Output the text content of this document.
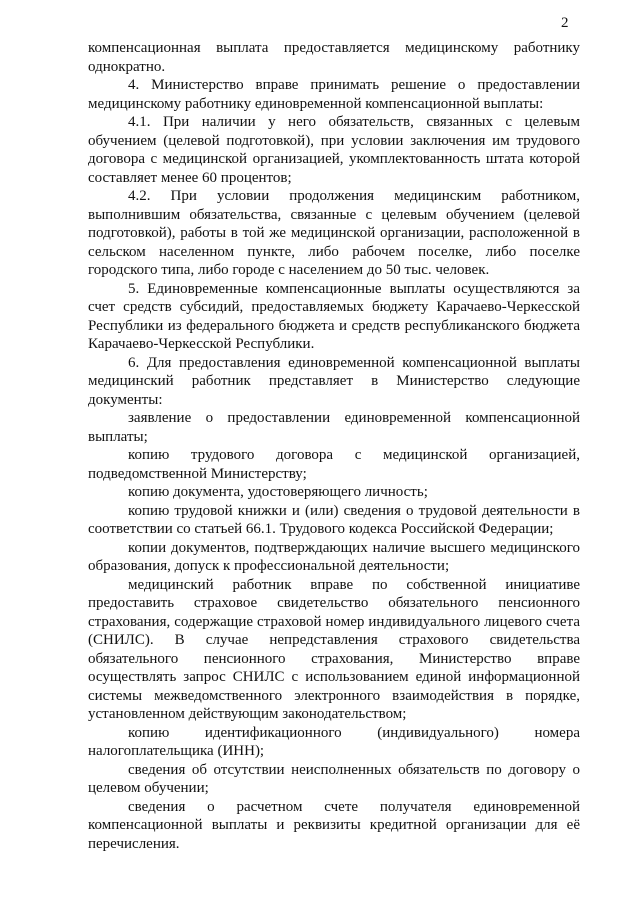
2

компенсационная выплата предоставляется медицинскому работнику однократно.

4. Министерство вправе принимать решение о предоставлении медицинскому работнику единовременной компенсационной выплаты:

4.1. При наличии у него обязательств, связанных с целевым обучением (целевой подготовкой), при условии заключения им трудового договора с медицинской организацией, укомплектованность штата которой составляет менее 60 процентов;

4.2. При условии продолжения медицинским работником, выполнившим обязательства, связанные с целевым обучением (целевой подготовкой), работы в той же медицинской организации, расположенной в сельском населенном пункте, либо рабочем поселке, либо поселке городского типа, либо городе с населением до 50 тыс. человек.

5. Единовременные компенсационные выплаты осуществляются за счет средств субсидий, предоставляемых бюджету Карачаево-Черкесской Республики из федерального бюджета и средств республиканского бюджета Карачаево-Черкесской Республики.

6. Для предоставления единовременной компенсационной выплаты медицинский работник представляет в Министерство следующие документы:

заявление о предоставлении единовременной компенсационной выплаты;

копию трудового договора с медицинской организацией, подведомственной Министерству;

копию документа, удостоверяющего личность;

копию трудовой книжки и (или) сведения о трудовой деятельности в соответствии со статьей 66.1. Трудового кодекса Российской Федерации;

копии документов, подтверждающих наличие высшего медицинского образования, допуск к профессиональной деятельности;

медицинский работник вправе по собственной инициативе предоставить страховое свидетельство обязательного пенсионного страхования, содержащие страховой номер индивидуального лицевого счета (СНИЛС). В случае непредставления страхового свидетельства обязательного пенсионного страхования, Министерство вправе осуществлять запрос СНИЛС с использованием единой информационной системы межведомственного электронного взаимодействия в порядке, установленном действующим законодательством;

копию идентификационного (индивидуального) номера налогоплательщика (ИНН);

сведения об отсутствии неисполненных обязательств по договору о целевом обучении;

сведения о расчетном счете получателя единовременной компенсационной выплаты и реквизиты кредитной организации для её перечисления.
